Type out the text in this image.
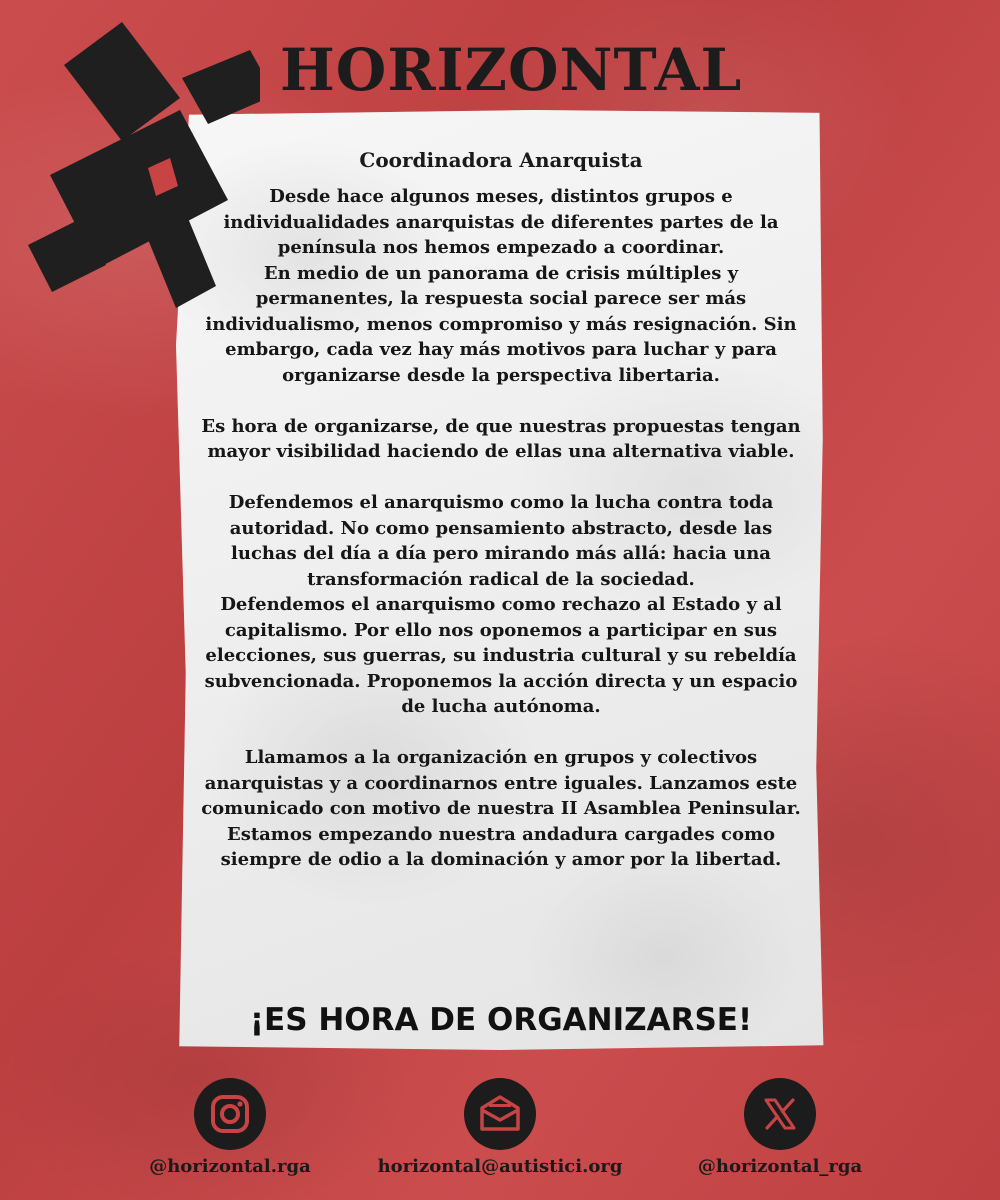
HORIZONTAL
Coordinadora Anarquista

Desde hace algunos meses, distintos grupos e individualidades anarquistas de diferentes partes de la península nos hemos empezado a coordinar.

En medio de un panorama de crisis múltiples y permanentes, la respuesta social parece ser más individualismo, menos compromiso y más resignación. Sin embargo, cada vez hay más motivos para luchar y para organizarse desde la perspectiva libertaria.

Es hora de organizarse, de que nuestras propuestas tengan mayor visibilidad haciendo de ellas una alternativa viable.

Defendemos el anarquismo como la lucha contra toda autoridad. No como pensamiento abstracto, desde las luchas del día a día pero mirando más allá: hacia una transformación radical de la sociedad.

Defendemos el anarquismo como rechazo al Estado y al capitalismo. Por ello nos oponemos a participar en sus elecciones, sus guerras, su industria cultural y su rebeldía subvencionada. Proponemos la acción directa y un espacio de lucha autónoma.

Llamamos a la organización en grupos y colectivos anarquistas y a coordinarnos entre iguales. Lanzamos este comunicado con motivo de nuestra II Asamblea Peninsular. Estamos empezando nuestra andadura cargades como siempre de odio a la dominación y amor por la libertad.

¡ES HORA DE ORGANIZARSE!

@horizontal.rga	horizontal@autistici.org	@horizontal_rga
